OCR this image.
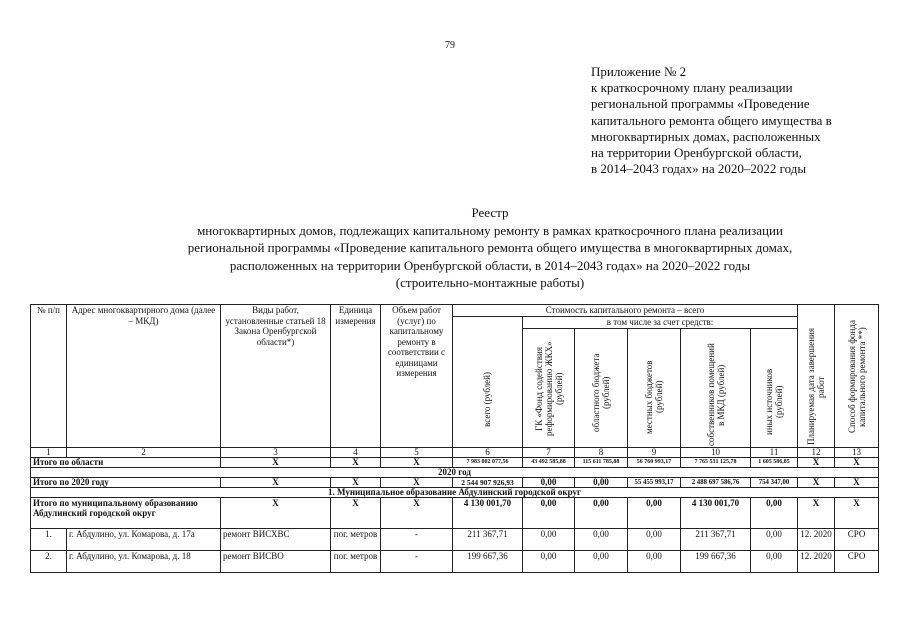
79
Приложение № 2
к краткосрочному плану реализации
региональной программы «Проведение
капитального ремонта общего имущества в
многоквартирных домах, расположенных
на территории Оренбургской области,
в 2014–2043 годах» на 2020–2022 годы
Реестр
многоквартирных домов, подлежащих капитальному ремонту в рамках краткосрочного плана реализации
региональной программы «Проведение капитального ремонта общего имущества в многоквартирных домах,
расположенных на территории Оренбургской области, в 2014–2043 годах» на 2020–2022 годы
(строительно-монтажные работы)
№ п/п	Адрес многоквартирного дома (далее – МКД)	Виды работ, установленные статьей 18 Закона Оренбургской области*)	Единица измерения	Объем работ (услуг) по капитальному ремонту в соответствии с единицами измерения	Стоимость капитального ремонта – всего						Планируемая дата завершения работ	Способ формирования фонда капитального ремонта **)

					всего (рублей)	в том числе за счет средств:						

						ГК «Фонд содействия реформированию ЖКХ» (рублей)	областного бюджета (рублей)	местных бюджетов (рублей)	собственников помещений в МКД (рублей)	иных источников (рублей)		

1	2	3	4	5	6	7	8	9	10	11	12	13
Итого по области		X	X	X	7 983 002 077,56	43 492 585,88	115 611 785,88	56 760 993,17	7 765 531 125,78	1 605 586,85	X	X
2020 год												
Итого по 2020 году		X	X	X	2 544 907 926,93	0,00	0,00	55 455 993,17	2 488 697 586,76	754 347,00	X	X
1. Муниципальное образование Абдулинский городской округ												
Итого по муниципальному образованию Абдулинский городской округ		X	X	X	4 130 001,70	0,00	0,00	0,00	4 130 001,70	0,00	X	X
1.	г. Абдулино, ул. Комарова, д. 17а	ремонт ВИСХВС	пог. метров	-	211 367,71	0,00	0,00	0,00	211 367,71	0,00	12. 2020	СРО
2.	г. Абдулино, ул. Комарова, д. 18	ремонт ВИСВО	пог. метров	-	199 667,36	0,00	0,00	0,00	199 667,36	0,00	12. 2020	СРО
